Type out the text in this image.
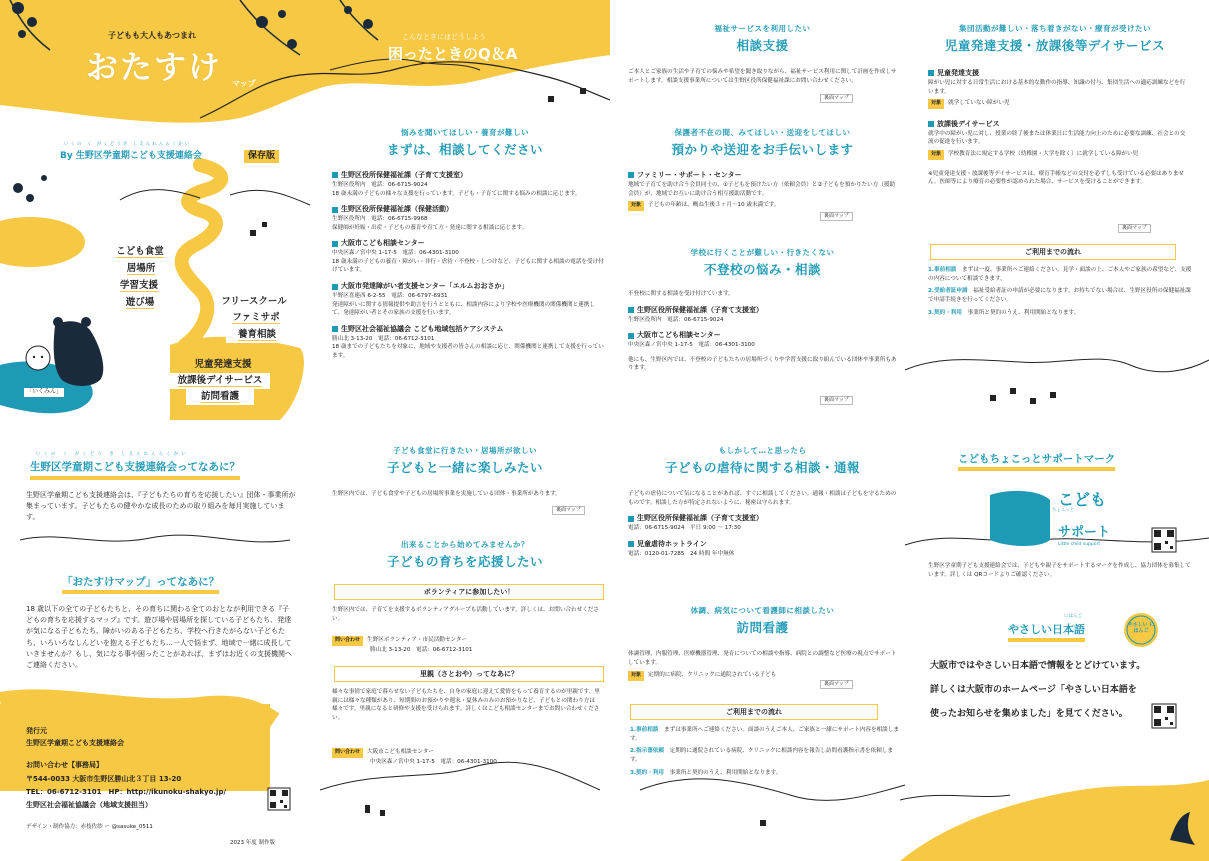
子どもも大人もあつまれ
おたすけ マップ
こんなときにはどうしよう
困ったときのQ＆A
いくの く がくどうき しえんれんらくかい
By 生野区学童期こども支援連絡会	保存版
こども食堂
居場所
学習支援
遊び場	フリースクール
ファミサポ
養育相談
児童発達支援
放課後デイサービス
訪問看護
「いくみん」
いくの く がくどう き しえんれんらくかい
生野区学童期こども支援連絡会ってなあに？
生野区学童期こども支援連絡会は、『子どもたちの育ちを応援したい』団体・事業所が集まっています。子どもたちの健やかな成長のための取り組みを毎月実施しています。
「おたすけマップ」ってなあに？
18 歳以下の全ての子どもたちと、その育ちに関わる全てのおとなが利用できる『子どもの育ちを応援するマップ』です。遊び場や居場所を探している子どもたち、発達が気になる子どもたち、障がいのある子どもたち、学校へ行きたがらない子どもたち、いろいろなしんどいを抱える子どもたち…一人で悩まず、地域で一緒に成長していきませんか？もし、気になる事や困ったことがあれば、まずはお近くの支援機関へご連絡ください。
発行元
生野区学童期こども支援連絡会
お問い合わせ【事務局】
〒544-0033 大阪市生野区勝山北３丁目 13-20
TEL：06-6712-3101　HP：http://ikunoku-shakyo.jp/
生野区社会福祉協議会（地域支援担当）
デザイン・制作協力：赤枝佐紗 ー @sasuke_0511
2023 年度 制作版
悩みを聞いてほしい・養育が難しい
まずは、相談してください
生野区役所保健福祉課（子育て支援室）
生野区役所内　電話：06-6715-9024
18 歳未満の子どもの様々な支援を行っています。子ども・子育てに関する悩みの相談に応じます。
生野区役所保健福祉課（保健活動）
生野区役所内　電話：06-6715-9968
保健師が妊娠・出産・子どもの養育や育て方・発達に関する相談に応じます。
大阪市こども相談センター
中央区森ノ宮中央 1-17-5　電話：06-4301-3100
18 歳未満の子どもの養育・障がい・非行・虐待・不登校・しつけなど、子どもに関する相談の電話を受け付けています。
大阪市発達障がい者支援センター「エルムおおさか」
平野区喜連西 6-2-55　電話：06-6797-6931
発達障がいに関する情報提供や助言を行うとともに、相談内容により学校や医療機関の関係機関と連携して、発達障がい者とその家族の支援を行います。
生野区社会福祉協議会 こども地域包括ケアシステム
勝山北 3-13-20　電話：06-6712-3101
18 歳までの子どもたちを対象に、地域や支援者の皆さんの相談に応じ、関係機関と連携して支援を行っています。
子ども食堂に行きたい・居場所が欲しい
子どもと一緒に楽しみたい
生野区内では、子ども食堂や子どもの居場所事業を実施している団体・事業所があります。
裏面マップ
出来ることから始めてみませんか？
子どもの育ちを応援したい
ボランティアに参加したい！
生野区内では、子育てを支援するボランティアグループも活動しています。詳しくは、お問い合わせください。
問い合わせ 生野区ボランティア・市民活動センター
勝山北 3-13-20　電話：06-6712-3101
里親（さとおや）ってなあに？
様々な事情で家庭で暮らせない子どもたちを、自身の家庭に迎えて愛情をもって養育するのが里親です。里親には様々な種類があり、短期間のお預かりや週末・夏休みのみのお預かりなど、子どもとの関わり方は様々です。里親になると研修や支援を受けられます。詳しくはこども相談センターまでお問い合わせください。
問い合わせ 大阪市こども相談センター
中央区森ノ宮中央 1-17-5　電話：06-4301-3100
福祉サービスを利用したい
相談支援
ご本人とご家族の生活や子育ての悩みや希望を聞き取りながら、福祉サービス利用に関して計画を作成しサポートします。相談支援事業所については生野区役所保健福祉課にお問い合わせください。
裏面マップ
保護者不在の間、みてほしい・送迎をしてほしい
預かりや送迎をお手伝いします
ファミリー・サポート・センター
地域で子育てを助け合う会員同士の、①子どもを預けたい方（依頼会員）と②子どもを預かりたい方（援助会員）が、地域でお互いに助け合う相互援助活動です。
対象 子どもの年齢は、概ね生後３ヶ月〜10 歳未満です。
裏面マップ
学校に行くことが難しい・行きたくない
不登校の悩み・相談
不登校に関する相談を受け付けています。
生野区役所保健福祉課（子育て支援室）
生野区役所内　電話：06-6715-9024
大阪市こども相談センター
中央区森ノ宮中央 1-17-5　電話：06-4301-3100
他にも、生野区内では、不登校の子どもたちの居場所づくりや学習支援に取り組んでいる団体や事業所もあります。
裏面マップ
もしかして…と思ったら
子どもの虐待に関する相談・通報
子どもの虐待について気になることがあれば、すぐに相談してください。通報・相談は子どもを守るためのものです。相談した方が特定されないように、秘密は守られます。
生野区役所保健福祉課（子育て支援室）
電話：06-6715-9024　平日 9:00 〜 17:30
児童虐待ホットライン
電話：0120-01-7285　24 時間 年中無休
体調、病気について看護師に相談したい
訪問看護
体調管理、内服管理、医療機器管理、発育についての相談や指導、病院との調整など医療の視点でサポートしています。
対象 定期的に病院、クリニックに通院されている子ども
裏面マップ
ご利用までの流れ
1.事前相談　 まずは事業所へご連絡ください。面談のうえご本人、ご家族と一緒にサポート内容を相談します。
2.指示書依頼　 定期的に通院されている病院、クリニックに相談内容を報告し訪問看護指示書を依頼します。
3.契約・利用　 事業所と契約のうえ、利用開始となります。
集団活動が難しい・落ち着きがない・療育が受けたい
児童発達支援・放課後等デイサービス
児童発達支援
障がい児に対する日常生活における基本的な動作の指導、知識の付与、集団生活への適応訓練などを行います。
対象 就学していない障がい児
放課後デイサービス
就学中の障がい児に対し、授業の終了後または休業日に生活能力向上のために必要な訓練、社会との交流の促進を行います。
対象 学校教育法に規定する学校（幼稚園・大学を除く）に就学している障がい児
※児童発達支援・放課後等デイサービスは、療育手帳などの交付を必ずしも受けている必要はありません。医師等により療育の必要性が認められた場合、サービスを受けることができます。
裏面マップ
ご利用までの流れ
1.事前相談　 まずは一度、事業所へご連絡ください。見学・面談の上、ご本人やご家族の希望など、支援の内容について相談できます。
2.受給者証申請　 福祉受給者証の申請が必要になります。お持ちでない場合は、生野区役所の保健福祉課で申請手続きを行ってください。
3.契約・利用　 事業所と契約のうえ、利用開始となります。
こどもちょこっとサポートマーク
こども
ちょこっと
サポート
Little child support
生野区学童期子ども支援連絡会では、子どもや親子をサポートするマークを作成し、協力団体を募集しています。詳しくは QRコードよりご確認ください。
やさしい にほんご
にほんご
やさしい日本語
大阪市ではやさしい日本語で情報をとどけています。
詳しくは大阪市のホームページ「やさしい日本語を
使ったお知らせを集めました」を見てください。
